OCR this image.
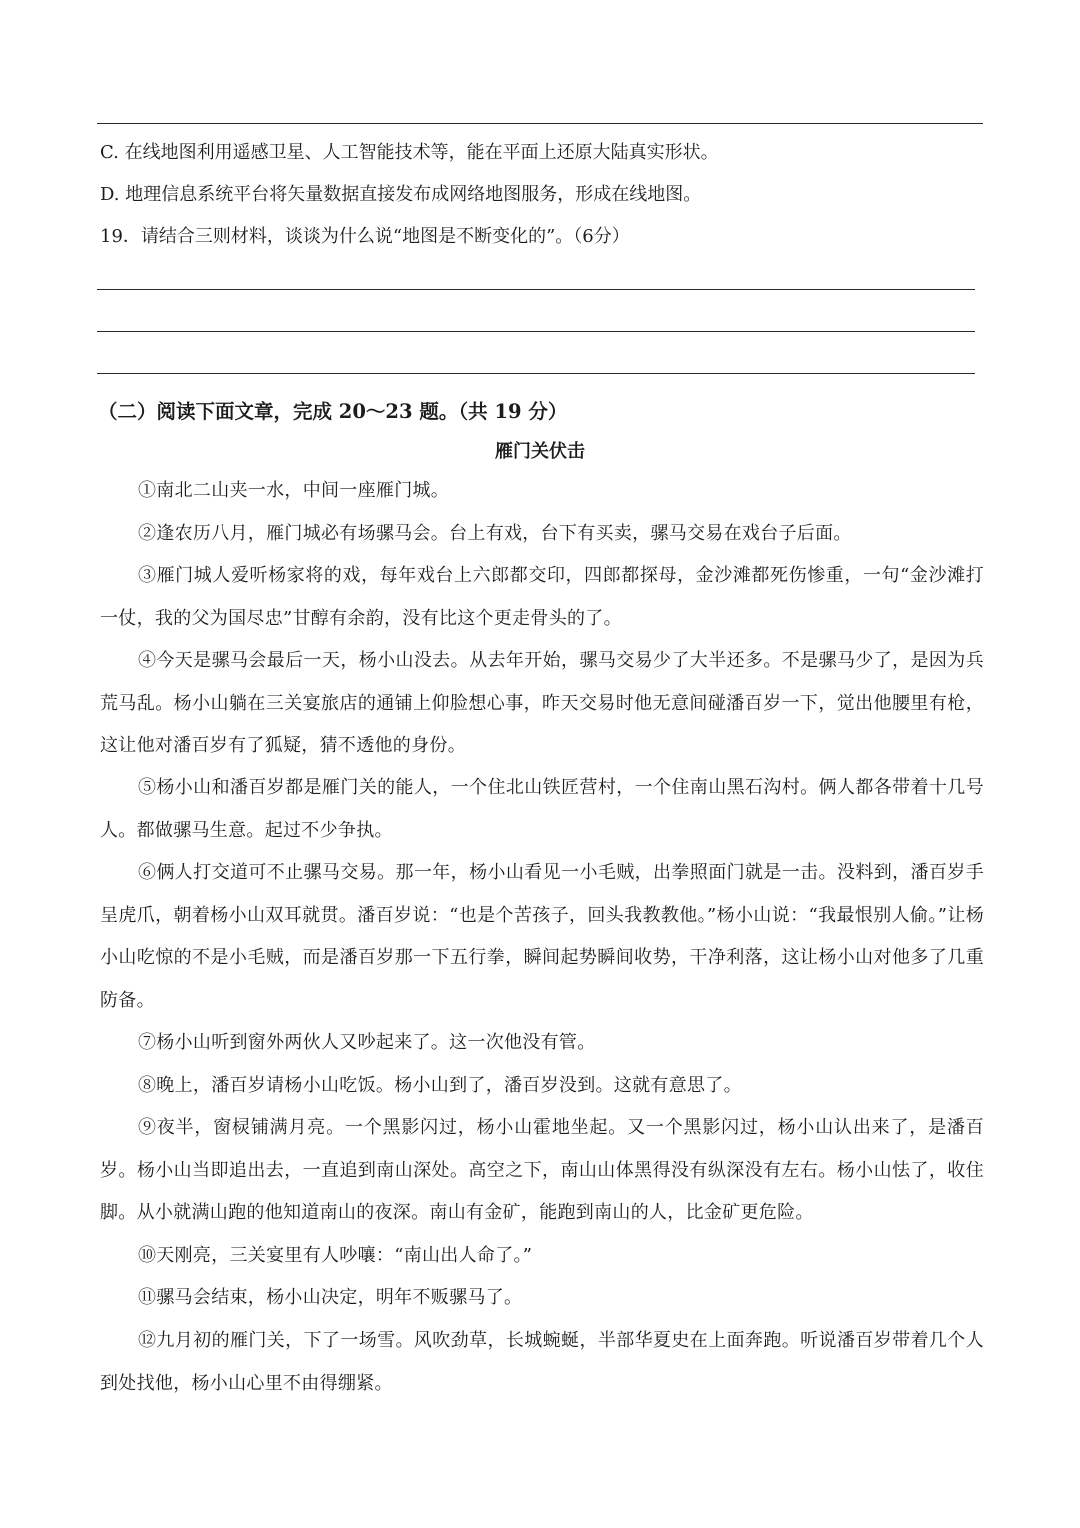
C. 在线地图利用遥感卫星、人工智能技术等，能在平面上还原大陆真实形状。
D. 地理信息系统平台将矢量数据直接发布成网络地图服务，形成在线地图。
19．请结合三则材料，谈谈为什么说“地图是不断变化的”。（6分）
（二）阅读下面文章，完成 20～23 题。（共 19 分）
雁门关伏击
①南北二山夹一水，中间一座雁门城。
②逢农历八月，雁门城必有场骡马会。台上有戏，台下有买卖，骡马交易在戏台子后面。
③雁门城人爱听杨家将的戏，每年戏台上六郎都交印，四郎都探母，金沙滩都死伤惨重，一句“金沙滩打一仗，我的父为国尽忠”甘醇有余韵，没有比这个更走骨头的了。
④今天是骡马会最后一天，杨小山没去。从去年开始，骡马交易少了大半还多。不是骡马少了，是因为兵荒马乱。杨小山躺在三关宴旅店的通铺上仰脸想心事，昨天交易时他无意间碰潘百岁一下，觉出他腰里有枪，这让他对潘百岁有了狐疑，猜不透他的身份。
⑤杨小山和潘百岁都是雁门关的能人，一个住北山铁匠营村，一个住南山黑石沟村。俩人都各带着十几号人。都做骡马生意。起过不少争执。
⑥俩人打交道可不止骡马交易。那一年，杨小山看见一小毛贼，出拳照面门就是一击。没料到，潘百岁手呈虎爪，朝着杨小山双耳就贯。潘百岁说：“也是个苦孩子，回头我教教他。”杨小山说：“我最恨别人偷。”让杨小山吃惊的不是小毛贼，而是潘百岁那一下五行拳，瞬间起势瞬间收势，干净利落，这让杨小山对他多了几重防备。
⑦杨小山听到窗外两伙人又吵起来了。这一次他没有管。
⑧晚上，潘百岁请杨小山吃饭。杨小山到了，潘百岁没到。这就有意思了。
⑨夜半，窗棂铺满月亮。一个黑影闪过，杨小山霍地坐起。又一个黑影闪过，杨小山认出来了，是潘百岁。杨小山当即追出去，一直追到南山深处。高空之下，南山山体黑得没有纵深没有左右。杨小山怯了，收住脚。从小就满山跑的他知道南山的夜深。南山有金矿，能跑到南山的人，比金矿更危险。
⑩天刚亮，三关宴里有人吵嚷：“南山出人命了。”
⑪骡马会结束，杨小山决定，明年不贩骡马了。
⑫九月初的雁门关，下了一场雪。风吹劲草，长城蜿蜒，半部华夏史在上面奔跑。听说潘百岁带着几个人到处找他，杨小山心里不由得绷紧。
